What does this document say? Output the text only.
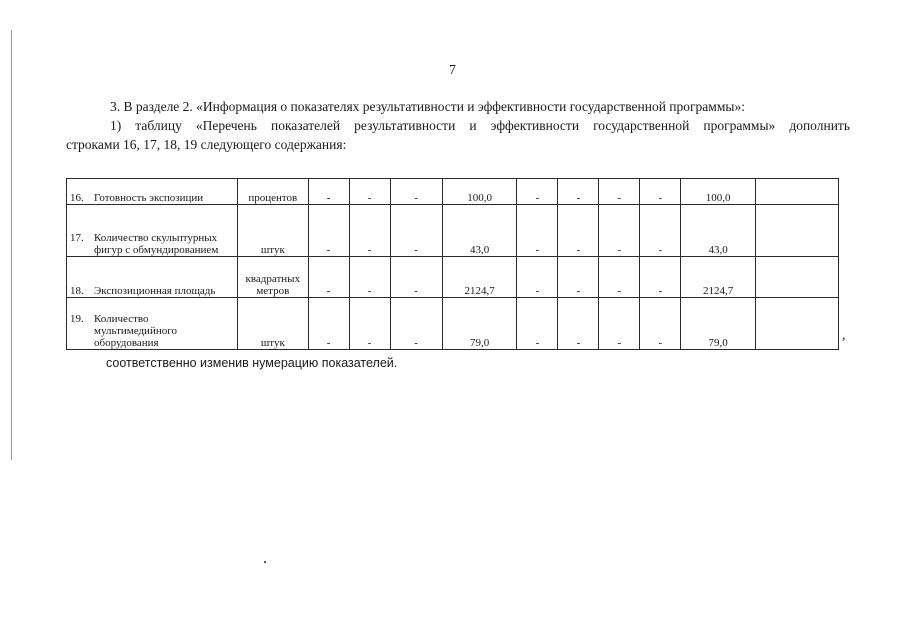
7

3. В разделе 2. «Информация о показателях результативности и эффективности государственной программы»:

1) таблицу «Перечень показателей результативности и эффективности государственной программы» дополнить

строками 16, 17, 18, 19 следующего содержания:

16. Готовность экспозиции	процентов	-	-	-	100,0	-	-	-	-	100,0	
17. Количество скульптурных фигур с обмундированием	штук	-	-	-	43,0	-	-	-	-	43,0	
18. Экспозиционная площадь	квадратных метров	-	-	-	2124,7	-	-	-	-	2124,7	
19. Количество мультимедийного оборудования	штук	-	-	-	79,0	-	-	-	-	79,0		,

соответственно изменив нумерацию показателей.
